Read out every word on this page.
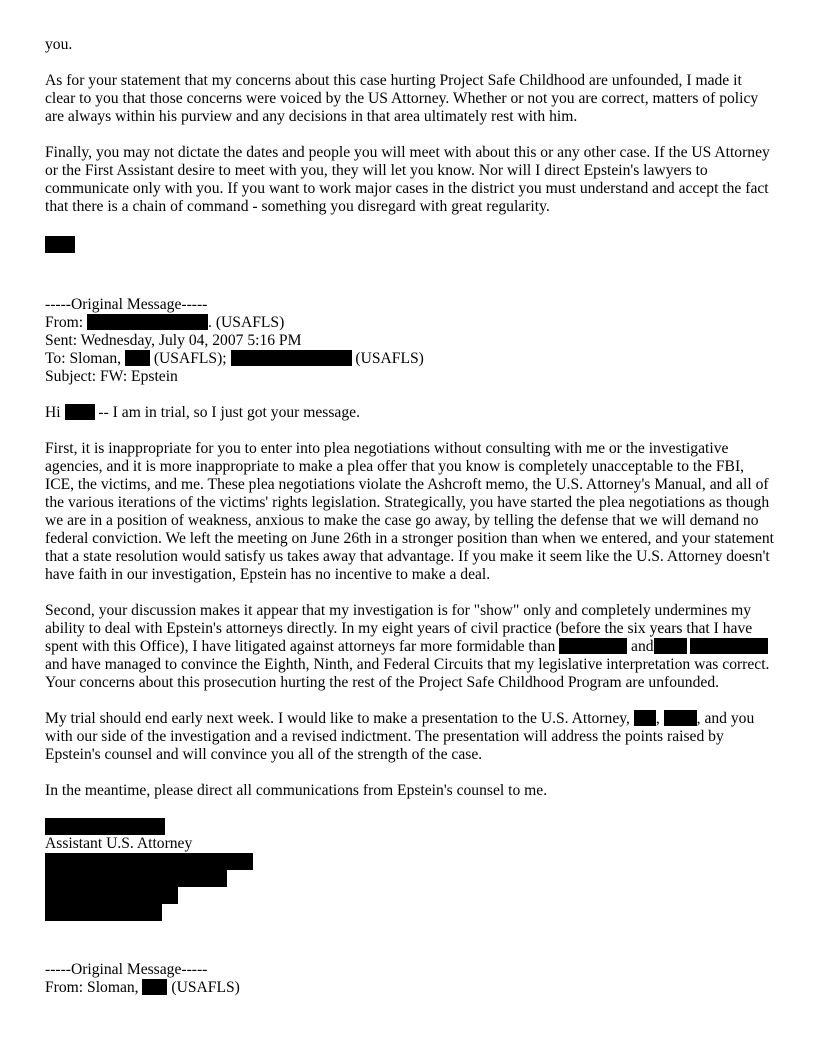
you.

As for your statement that my concerns about this case hurting Project Safe Childhood are unfounded, I made it clear to you that those concerns were voiced by the US Attorney. Whether or not you are correct, matters of policy are always within his purview and any decisions in that area ultimately rest with him.

Finally, you may not dictate the dates and people you will meet with about this or any other case. If the US Attorney or the First Assistant desire to meet with you, they will let you know. Nor will I direct Epstein's lawyers to communicate only with you. If you want to work major cases in the district you must understand and accept the fact that there is a chain of command - something you disregard with great regularity.

-----Original Message-----

From:	. (USAFLS)

Sent: Wednesday, July 04, 2007 5:16 PM

To: Sloman,  (USAFLS);	(USAFLS)

Subject: FW: Epstein

Hi  -- I am in trial, so I just got your message.

First, it is inappropriate for you to enter into plea negotiations without consulting with me or the investigative agencies, and it is more inappropriate to make a plea offer that you know is completely unacceptable to the FBI, ICE, the victims, and me. These plea negotiations violate the Ashcroft memo, the U.S. Attorney's Manual, and all of the various iterations of the victims' rights legislation. Strategically, you have started the plea negotiations as though we are in a position of weakness, anxious to make the case go away, by telling the defense that we will demand no federal conviction. We left the meeting on June 26th in a stronger position than when we entered, and your statement that a state resolution would satisfy us takes away that advantage. If you make it seem like the U.S. Attorney doesn't have faith in our investigation, Epstein has no incentive to make a deal.

Second, your discussion makes it appear that my investigation is for "show" only and completely undermines my ability to deal with Epstein's attorneys directly. In my eight years of civil practice (before the six years that I have spent with this Office), I have litigated against attorneys far more formidable than	and and have managed to convince the Eighth, Ninth, and Federal Circuits that my legislative interpretation was correct. Your concerns about this prosecution hurting the rest of the Project Safe Childhood Program are unfounded.

My trial should end early next week. I would like to make a presentation to the U.S. Attorney, , , and you with our side of the investigation and a revised indictment. The presentation will address the points raised by Epstein's counsel and will convince you all of the strength of the case.

In the meantime, please direct all communications from Epstein's counsel to me.

Assistant U.S. Attorney

-----Original Message-----

From: Sloman,  (USAFLS)
